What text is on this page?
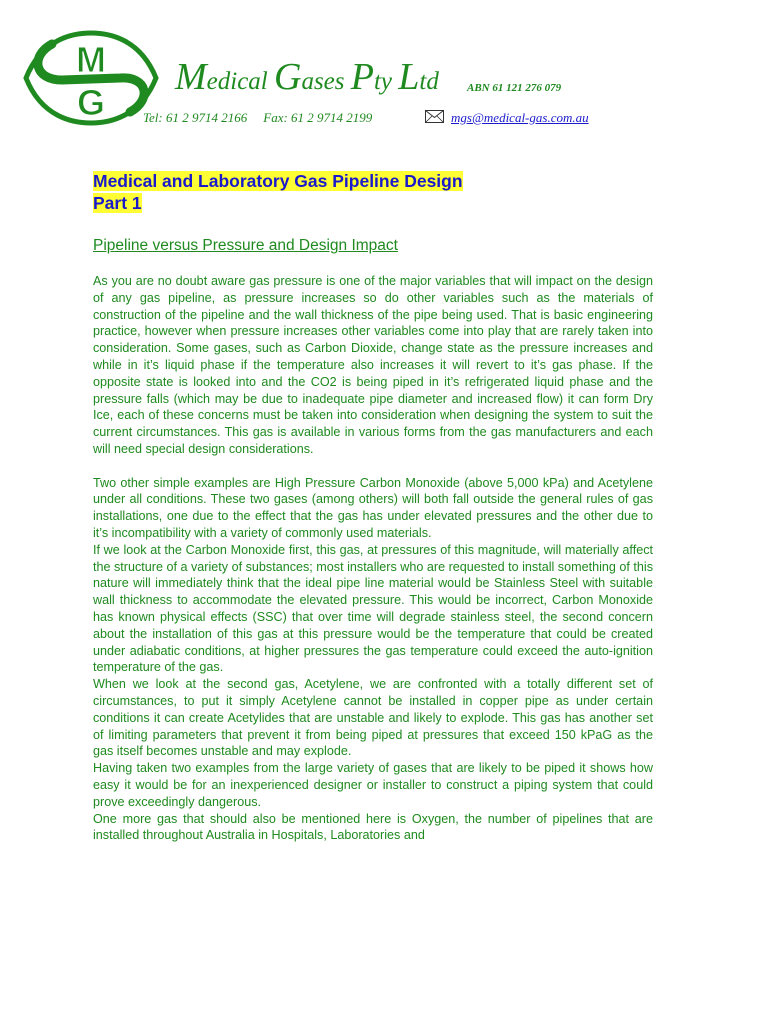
M
G
Medical Gases Pty Ltd	ABN 61 121 276 079
Tel: 61 2 9714 2166 Fax: 61 2 9714 2199	mgs@medical-gas.com.au
Medical and Laboratory Gas Pipeline Design
Part 1
Pipeline versus Pressure and Design Impact

As you are no doubt aware gas pressure is one of the major variables that will impact on the design of any gas pipeline, as pressure increases so do other variables such as the materials of construction of the pipeline and the wall thickness of the pipe being used. That is basic engineering practice, however when pressure increases other variables come into play that are rarely taken into consideration. Some gases, such as Carbon Dioxide, change state as the pressure increases and while in it’s liquid phase if the temperature also increases it will revert to it’s gas phase. If the opposite state is looked into and the CO2 is being piped in it’s refrigerated liquid phase and the pressure falls (which may be due to inadequate pipe diameter and increased flow) it can form Dry Ice, each of these concerns must be taken into consideration when designing the system to suit the current circumstances. This gas is available in various forms from the gas manufacturers and each will need special design considerations.

Two other simple examples are High Pressure Carbon Monoxide (above 5,000 kPa) and Acetylene under all conditions. These two gases (among others) will both fall outside the general rules of gas installations, one due to the effect that the gas has under elevated pressures and the other due to it’s incompatibility with a variety of commonly used materials.

If we look at the Carbon Monoxide first, this gas, at pressures of this magnitude, will materially affect the structure of a variety of substances; most installers who are requested to install something of this nature will immediately think that the ideal pipe line material would be Stainless Steel with suitable wall thickness to accommodate the elevated pressure. This would be incorrect, Carbon Monoxide has known physical effects (SSC) that over time will degrade stainless steel, the second concern about the installation of this gas at this pressure would be the temperature that could be created under adiabatic conditions, at higher pressures the gas temperature could exceed the auto-ignition temperature of the gas.

When we look at the second gas, Acetylene, we are confronted with a totally different set of circumstances, to put it simply Acetylene cannot be installed in copper pipe as under certain conditions it can create Acetylides that are unstable and likely to explode. This gas has another set of limiting parameters that prevent it from being piped at pressures that exceed 150 kPaG as the gas itself becomes unstable and may explode.

Having taken two examples from the large variety of gases that are likely to be piped it shows how easy it would be for an inexperienced designer or installer to construct a piping system that could prove exceedingly dangerous.

One more gas that should also be mentioned here is Oxygen, the number of pipelines that are installed throughout Australia in Hospitals, Laboratories and
